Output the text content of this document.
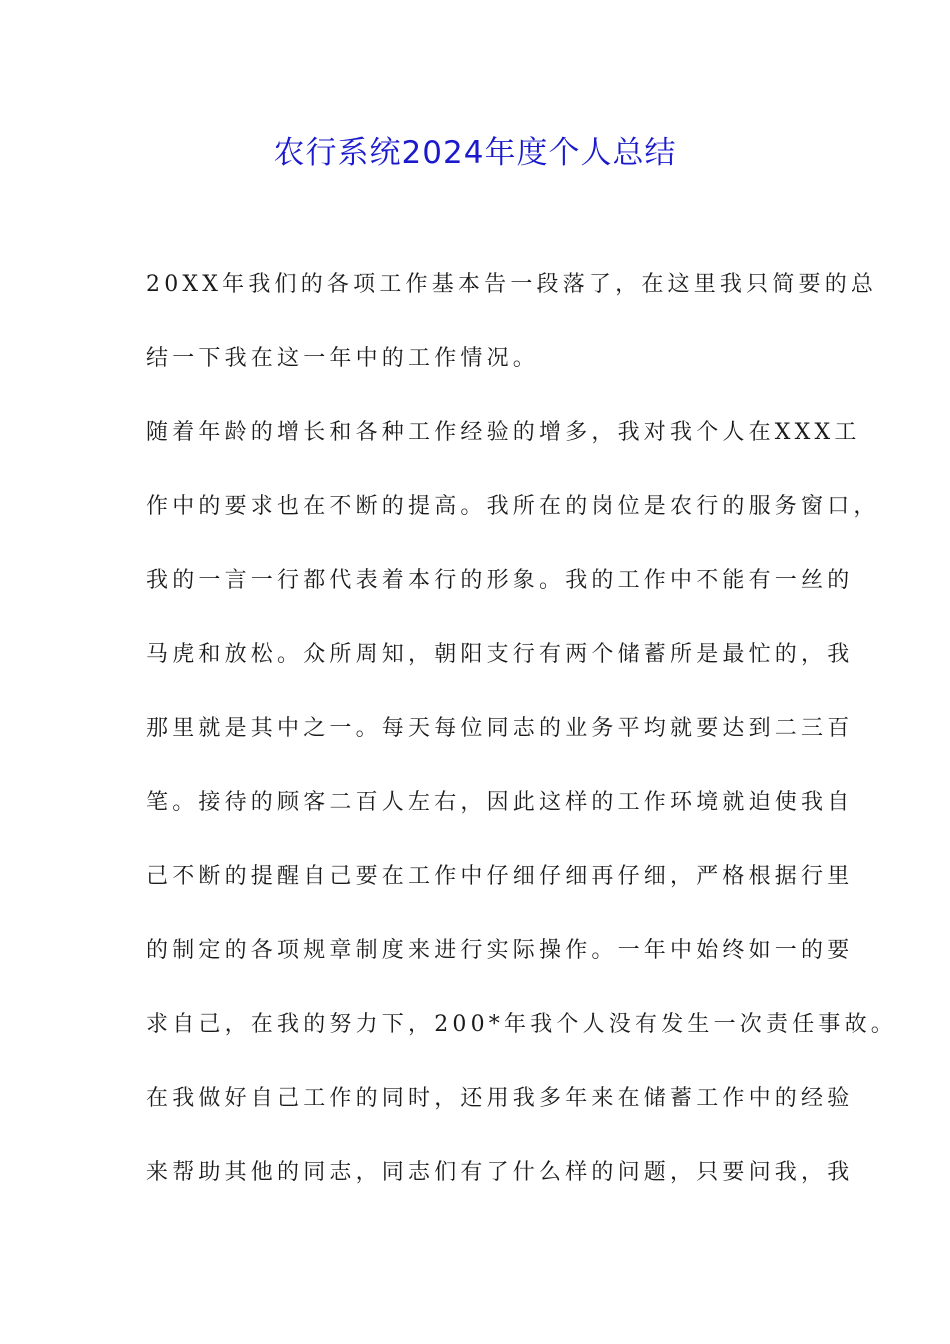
农行系统2024年度个人总结
20XX年我们的各项工作基本告一段落了，在这里我只简要的总
结一下我在这一年中的工作情况。
随着年龄的增长和各种工作经验的增多，我对我个人在XXX工
作中的要求也在不断的提高。我所在的岗位是农行的服务窗口，
我的一言一行都代表着本行的形象。我的工作中不能有一丝的
马虎和放松。众所周知，朝阳支行有两个储蓄所是最忙的，我
那里就是其中之一。每天每位同志的业务平均就要达到二三百
笔。接待的顾客二百人左右，因此这样的工作环境就迫使我自
己不断的提醒自己要在工作中仔细仔细再仔细，严格根据行里
的制定的各项规章制度来进行实际操作。一年中始终如一的要
求自己，在我的努力下，200*年我个人没有发生一次责任事故。
在我做好自己工作的同时，还用我多年来在储蓄工作中的经验
来帮助其他的同志，同志们有了什么样的问题，只要问我，我
